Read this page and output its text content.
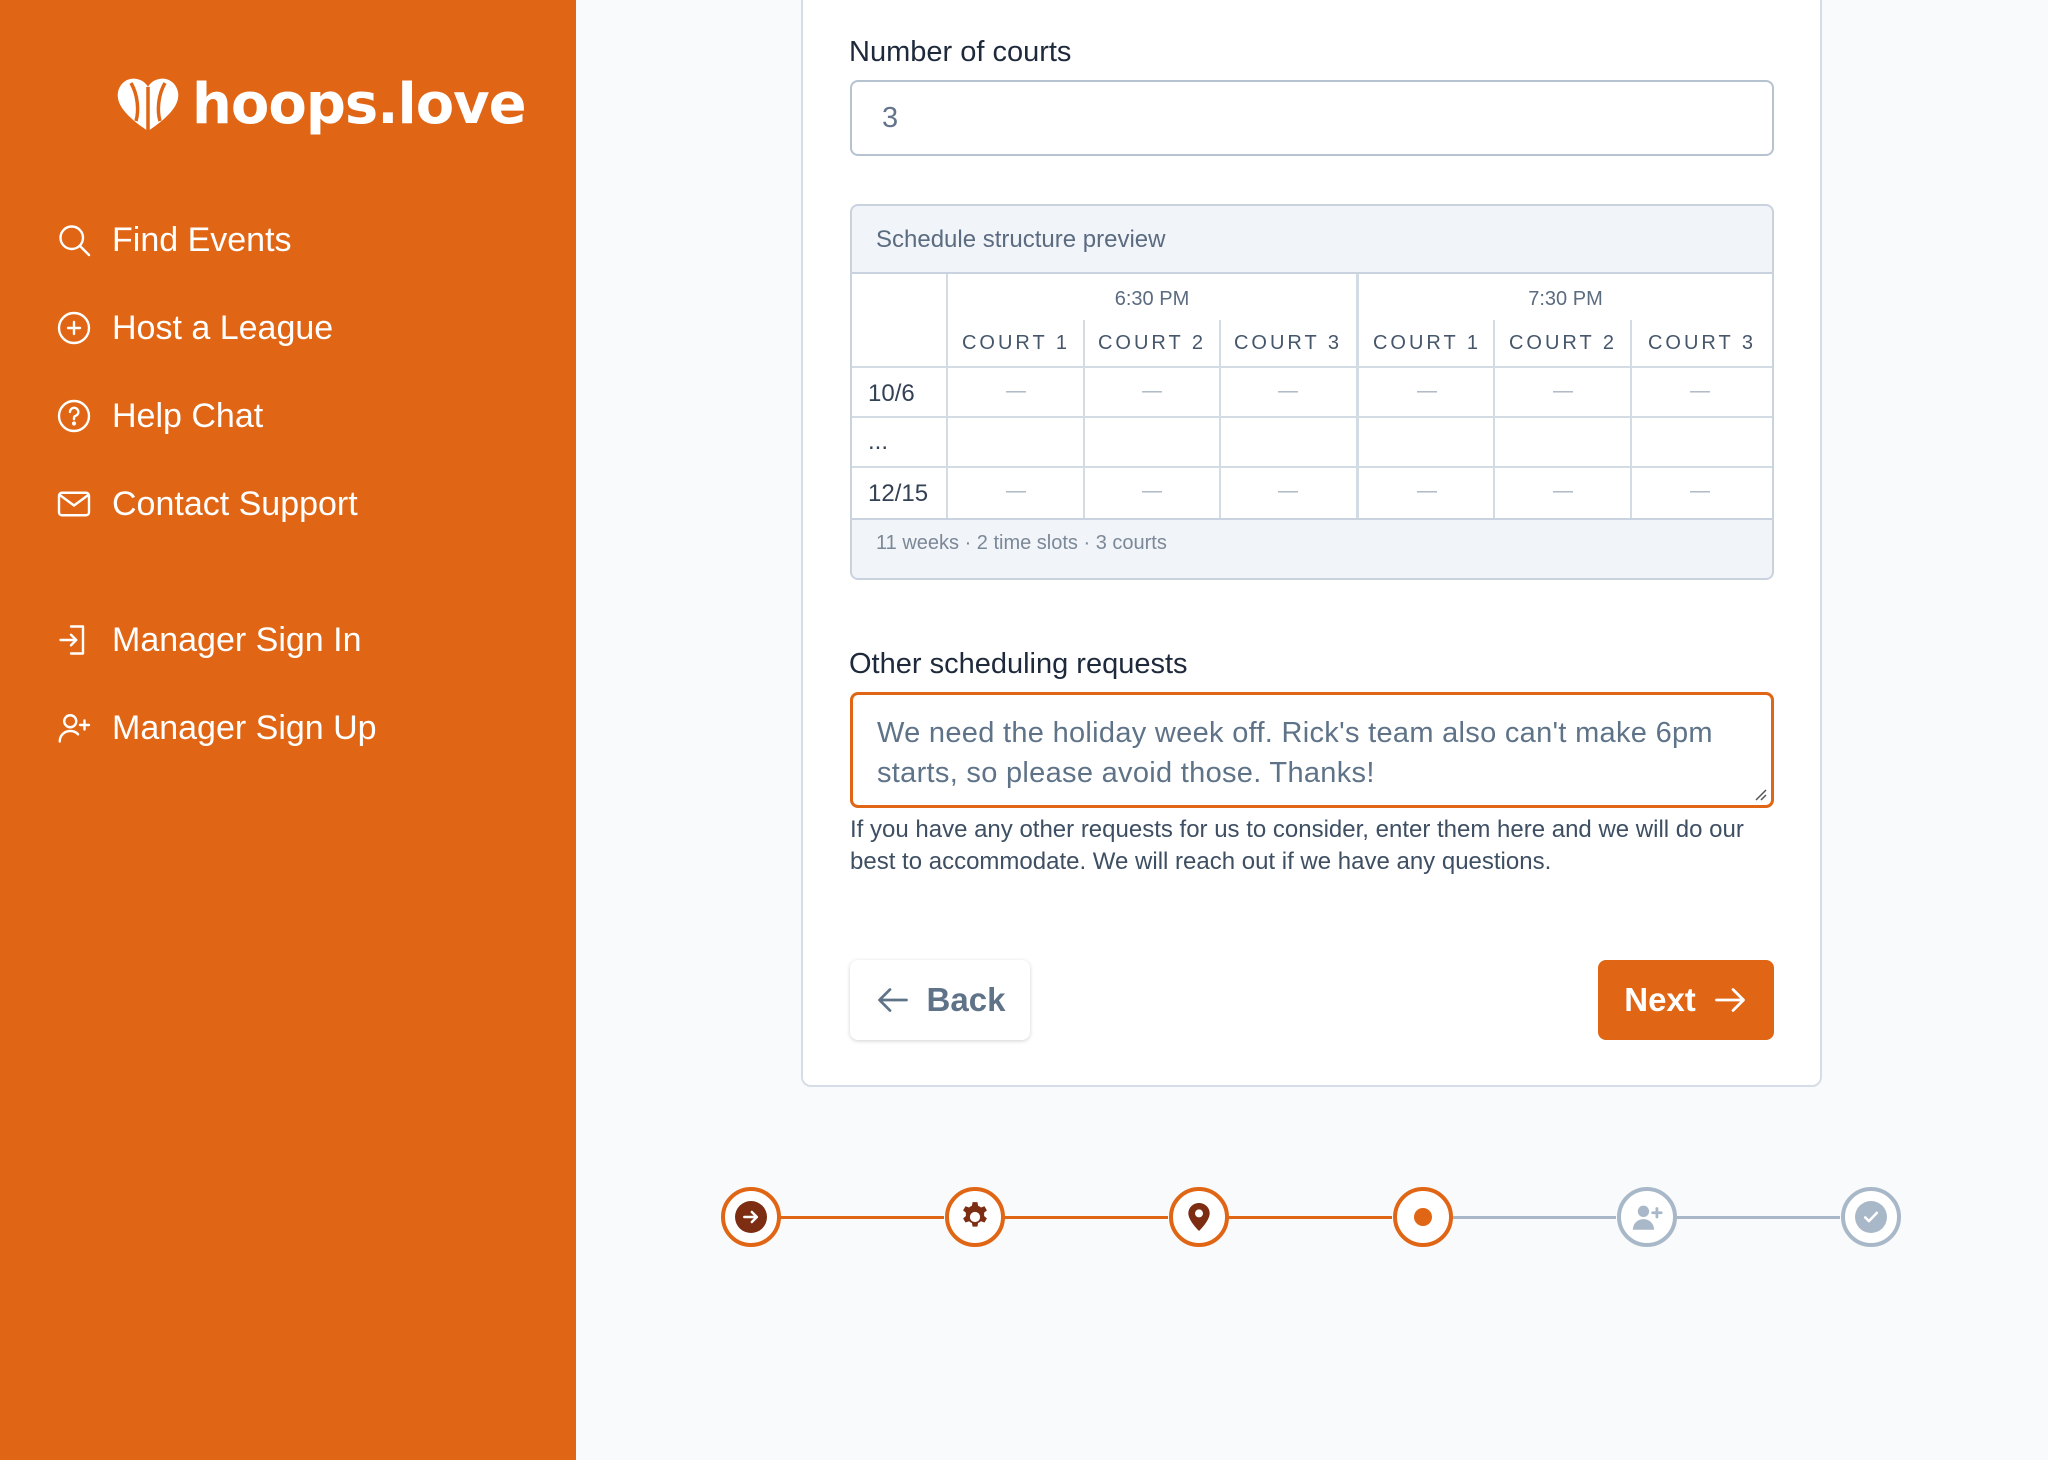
hoops.love
Find Events
Host a League
Help Chat
Contact Support
Manager Sign In
Manager Sign Up
Number of courts
3
Schedule structure preview
6:30 PM	7:30 PM
COURT 1	COURT 2	COURT 3	COURT 1	COURT 2	COURT 3
10/6	—	—	—	—	—	—
...
12/15	—	—	—	—	—	—
11 weeks · 2 time slots · 3 courts
Other scheduling requests
We need the holiday week off. Rick's team also can't make 6pm starts, so please avoid those. Thanks!
If you have any other requests for us to consider, enter them here and we will do our best to accommodate. We will reach out if we have any questions.
Back	Next
